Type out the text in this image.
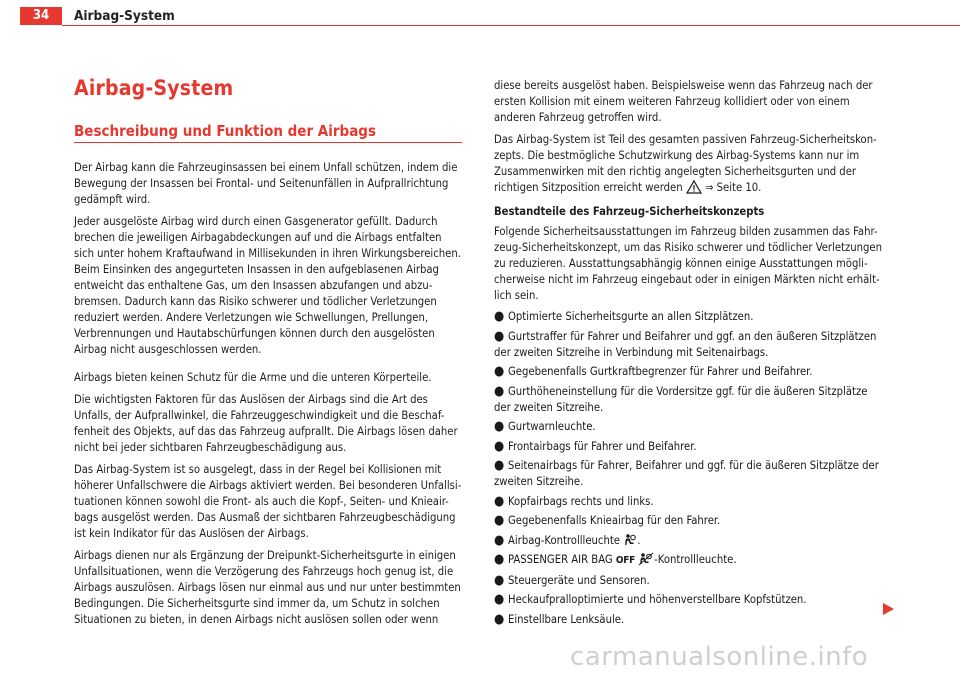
34	Airbag-System
Airbag-System
Beschreibung und Funktion der Airbags

Der Airbag kann die Fahrzeuginsassen bei einem Unfall schützen, indem die Bewegung der Insassen bei Frontal- und Seitenunfällen in Aufprallrichtung gedämpft wird.

Jeder ausgelöste Airbag wird durch einen Gasgenerator gefüllt. Dadurch brechen die jeweiligen Airbagabdeckungen auf und die Airbags entfalten sich unter hohem Kraftaufwand in Millisekunden in ihren Wirkungsbereichen. Beim Einsinken des angegurteten Insassen in den aufgeblasenen Airbag entweicht das enthaltene Gas, um den Insassen abzufangen und abzu-bremsen. Dadurch kann das Risiko schwerer und tödlicher Verletzungen reduziert werden. Andere Verletzungen wie Schwellungen, Prellungen, Verbrennungen und Hautabschürfungen können durch den ausgelösten Airbag nicht ausgeschlossen werden.

Airbags bieten keinen Schutz für die Arme und die unteren Körperteile.

Die wichtigsten Faktoren für das Auslösen der Airbags sind die Art des Unfalls, der Aufprallwinkel, die Fahrzeuggeschwindigkeit und die Beschaf-fenheit des Objekts, auf das das Fahrzeug aufprallt. Die Airbags lösen daher nicht bei jeder sichtbaren Fahrzeugbeschädigung aus.

Das Airbag-System ist so ausgelegt, dass in der Regel bei Kollisionen mit höherer Unfallschwere die Airbags aktiviert werden. Bei besonderen Unfallsi-tuationen können sowohl die Front- als auch die Kopf-, Seiten- und Knieair-bags ausgelöst werden. Das Ausmaß der sichtbaren Fahrzeugbeschädigung ist kein Indikator für das Auslösen der Airbags.

Airbags dienen nur als Ergänzung der Dreipunkt-Sicherheitsgurte in einigen Unfallsituationen, wenn die Verzögerung des Fahrzeugs hoch genug ist, die Airbags auszulösen. Airbags lösen nur einmal aus und nur unter bestimmten Bedingungen. Die Sicherheitsgurte sind immer da, um Schutz in solchen Situationen zu bieten, in denen Airbags nicht auslösen sollen oder wenn

diese bereits ausgelöst haben. Beispielsweise wenn das Fahrzeug nach der ersten Kollision mit einem weiteren Fahrzeug kollidiert oder von einem anderen Fahrzeug getroffen wird.

Das Airbag-System ist Teil des gesamten passiven Fahrzeug-Sicherheitskon-zepts. Die bestmögliche Schutzwirkung des Airbag-Systems kann nur im Zusammenwirken mit den richtig angelegten Sicherheitsgurten und der richtigen Sitzposition erreicht werden ⇒ Seite 10.

Bestandteile des Fahrzeug-Sicherheitskonzepts

Folgende Sicherheitsausstattungen im Fahrzeug bilden zusammen das Fahr-zeug-Sicherheitskonzept, um das Risiko schwerer und tödlicher Verletzungen zu reduzieren. Ausstattungsabhängig können einige Ausstattungen mögli-cherweise nicht im Fahrzeug eingebaut oder in einigen Märkten nicht erhält-lich sein.

● Optimierte Sicherheitsgurte an allen Sitzplätzen.
● Gurtstraffer für Fahrer und Beifahrer und ggf. an den äußeren Sitzplätzen der zweiten Sitzreihe in Verbindung mit Seitenairbags.
● Gegebenenfalls Gurtkraftbegrenzer für Fahrer und Beifahrer.
● Gurthöheneinstellung für die Vordersitze ggf. für die äußeren Sitzplätze der zweiten Sitzreihe.
● Gurtwarnleuchte.
● Frontairbags für Fahrer und Beifahrer.
● Seitenairbags für Fahrer, Beifahrer und ggf. für die äußeren Sitzplätze der zweiten Sitzreihe.
● Kopfairbags rechts und links.
● Gegebenenfalls Knieairbag für den Fahrer.
● Airbag-Kontrollleuchte .
● PASSENGER AIR BAG OFF -Kontrollleuchte.
● Steuergeräte und Sensoren.
● Heckaufpralloptimierte und höhenverstellbare Kopfstützen.
● Einstellbare Lenksäule.
carmanualsonline.info
